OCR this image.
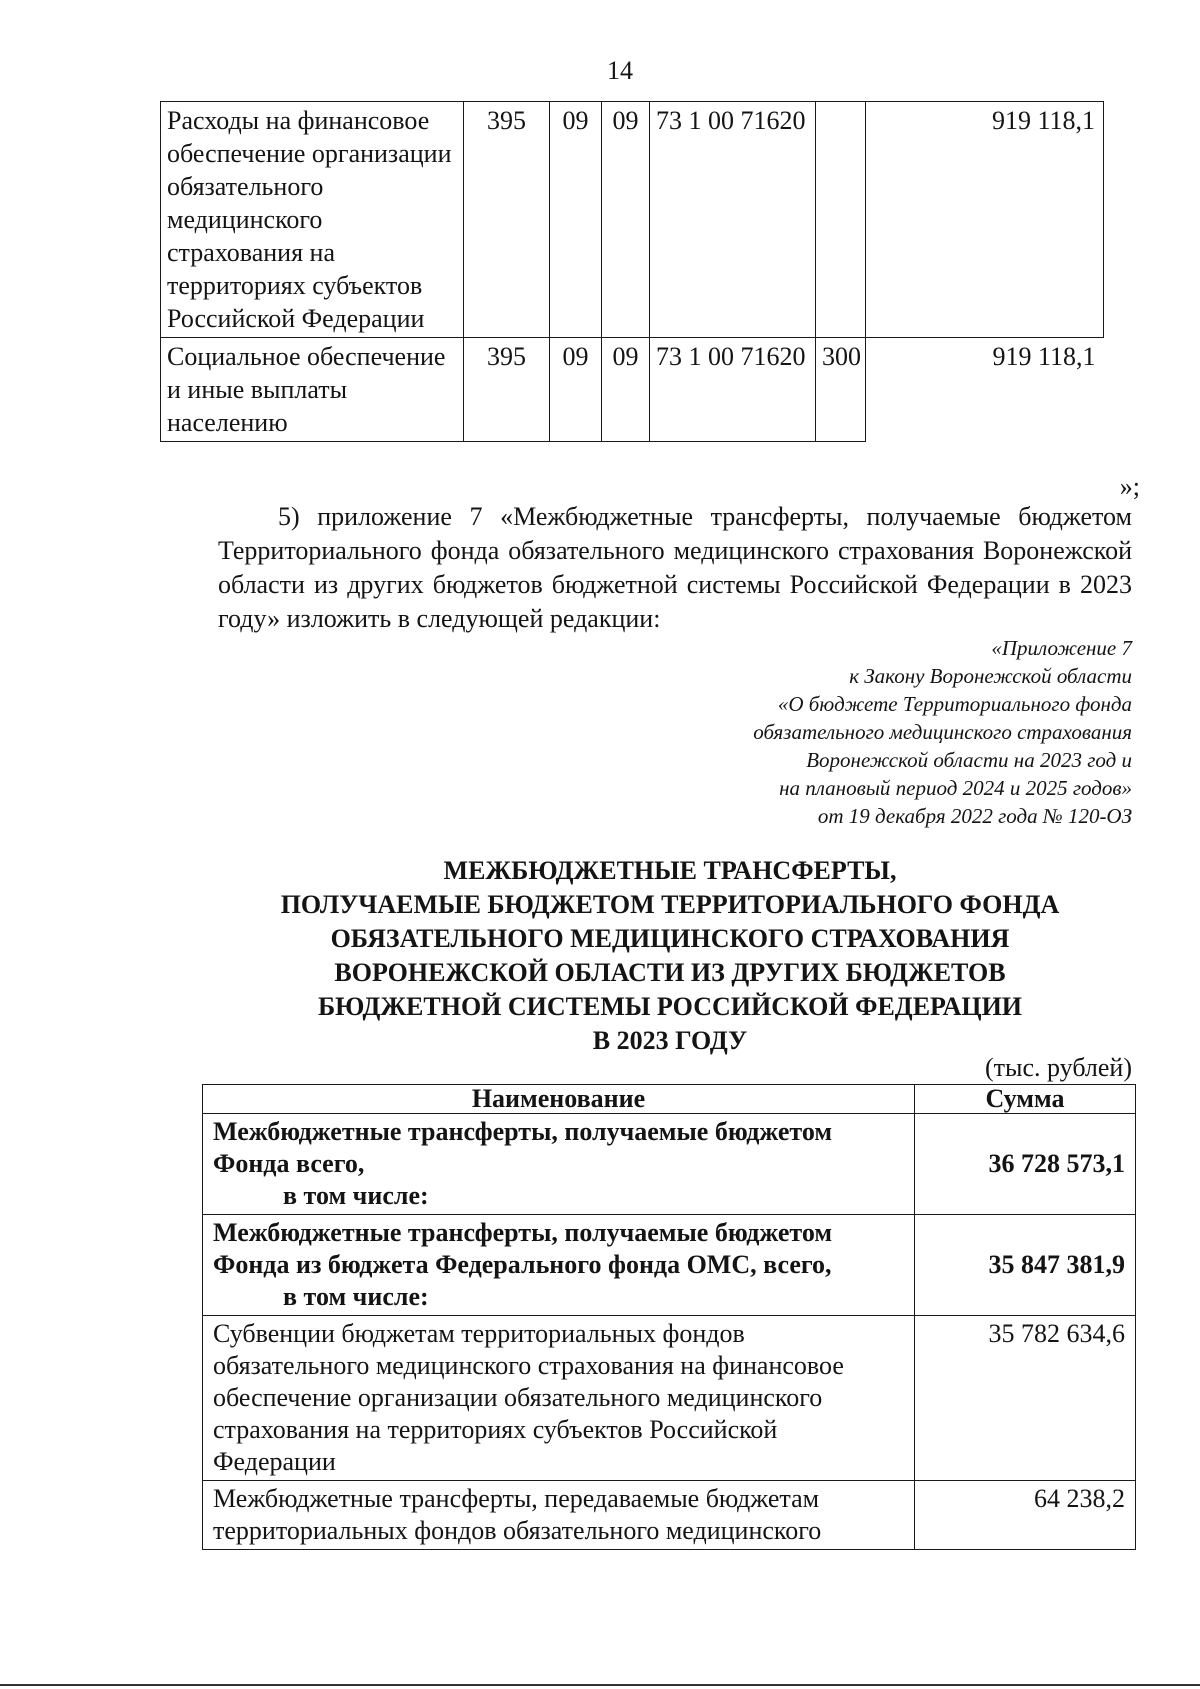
14
Расходы на финансовое обеспечение организации обязательного медицинского страхования на территориях субъектов Российской Федерации	395	09	09	73 1 00 71620		919 118,1
Социальное обеспечение и иные выплаты населению	395	09	09	73 1 00 71620	300	919 118,1
»;
5) приложение 7 «Межбюджетные трансферты, получаемые бюджетом Территориального фонда обязательного медицинского страхования Воронежской области из других бюджетов бюджетной системы Российской Федерации в 2023 году» изложить в следующей редакции:
«Приложение 7
к Закону Воронежской области
«О бюджете Территориального фонда
обязательного медицинского страхования
Воронежской области на 2023 год и
на плановый период 2024 и 2025 годов»
от 19 декабря 2022 года № 120-ОЗ
МЕЖБЮДЖЕТНЫЕ ТРАНСФЕРТЫ,
ПОЛУЧАЕМЫЕ БЮДЖЕТОМ ТЕРРИТОРИАЛЬНОГО ФОНДА
ОБЯЗАТЕЛЬНОГО МЕДИЦИНСКОГО СТРАХОВАНИЯ
ВОРОНЕЖСКОЙ ОБЛАСТИ ИЗ ДРУГИХ БЮДЖЕТОВ
БЮДЖЕТНОЙ СИСТЕМЫ РОССИЙСКОЙ ФЕДЕРАЦИИ
В 2023 ГОДУ
(тыс. рублей)
Наименование	Сумма
Межбюджетные трансферты, получаемые бюджетом Фонда всего,
в том числе:	36 728 573,1
Межбюджетные трансферты, получаемые бюджетом Фонда из бюджета Федерального фонда ОМС, всего,
в том числе:	35 847 381,9
Субвенции бюджетам территориальных фондов обязательного медицинского страхования на финансовое обеспечение организации обязательного медицинского страхования на территориях субъектов Российской Федерации	35 782 634,6
Межбюджетные трансферты, передаваемые бюджетам территориальных фондов обязательного медицинского	64 238,2
